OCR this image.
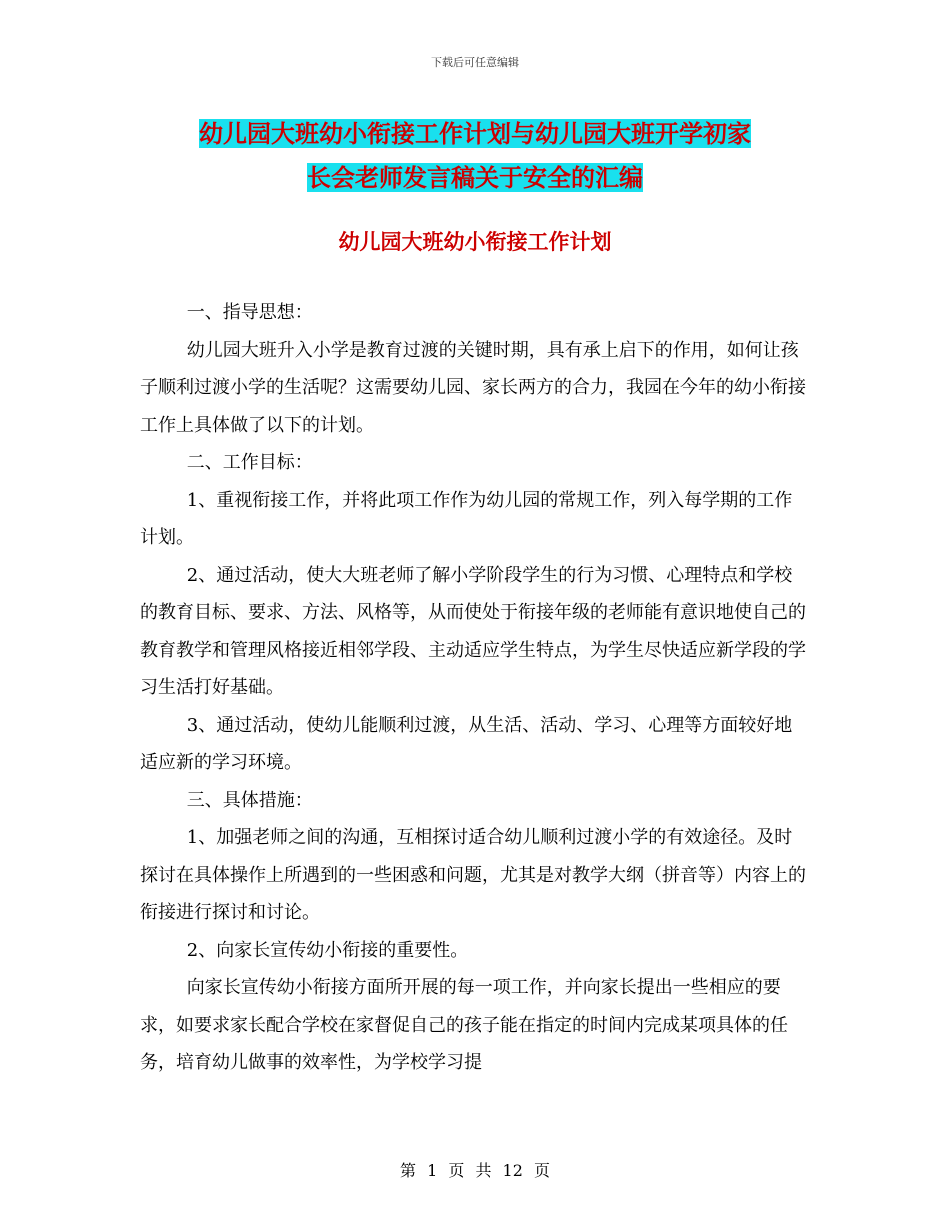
下载后可任意编辑
幼儿园大班幼小衔接工作计划与幼儿园大班开学初家
长会老师发言稿关于安全的汇编
幼儿园大班幼小衔接工作计划

一、指导思想：

幼儿园大班升入小学是教育过渡的关键时期，具有承上启下的作用，如何让孩子顺利过渡小学的生活呢？这需要幼儿园、家长两方的合力，我园在今年的幼小衔接工作上具体做了以下的计划。

二、工作目标：

1、重视衔接工作，并将此项工作作为幼儿园的常规工作，列入每学期的工作计划。

2、通过活动，使大大班老师了解小学阶段学生的行为习惯、心理特点和学校的教育目标、要求、方法、风格等，从而使处于衔接年级的老师能有意识地使自己的教育教学和管理风格接近相邻学段、主动适应学生特点，为学生尽快适应新学段的学习生活打好基础。

3、通过活动，使幼儿能顺利过渡，从生活、活动、学习、心理等方面较好地适应新的学习环境。

三、具体措施：

1、加强老师之间的沟通，互相探讨适合幼儿顺利过渡小学的有效途径。及时探讨在具体操作上所遇到的一些困惑和问题，尤其是对教学大纲（拼音等）内容上的衔接进行探讨和讨论。

2、向家长宣传幼小衔接的重要性。

向家长宣传幼小衔接方面所开展的每一项工作，并向家长提出一些相应的要求，如要求家长配合学校在家督促自己的孩子能在指定的时间内完成某项具体的任务，培育幼儿做事的效率性，为学校学习提

第 1 页 共 12 页
